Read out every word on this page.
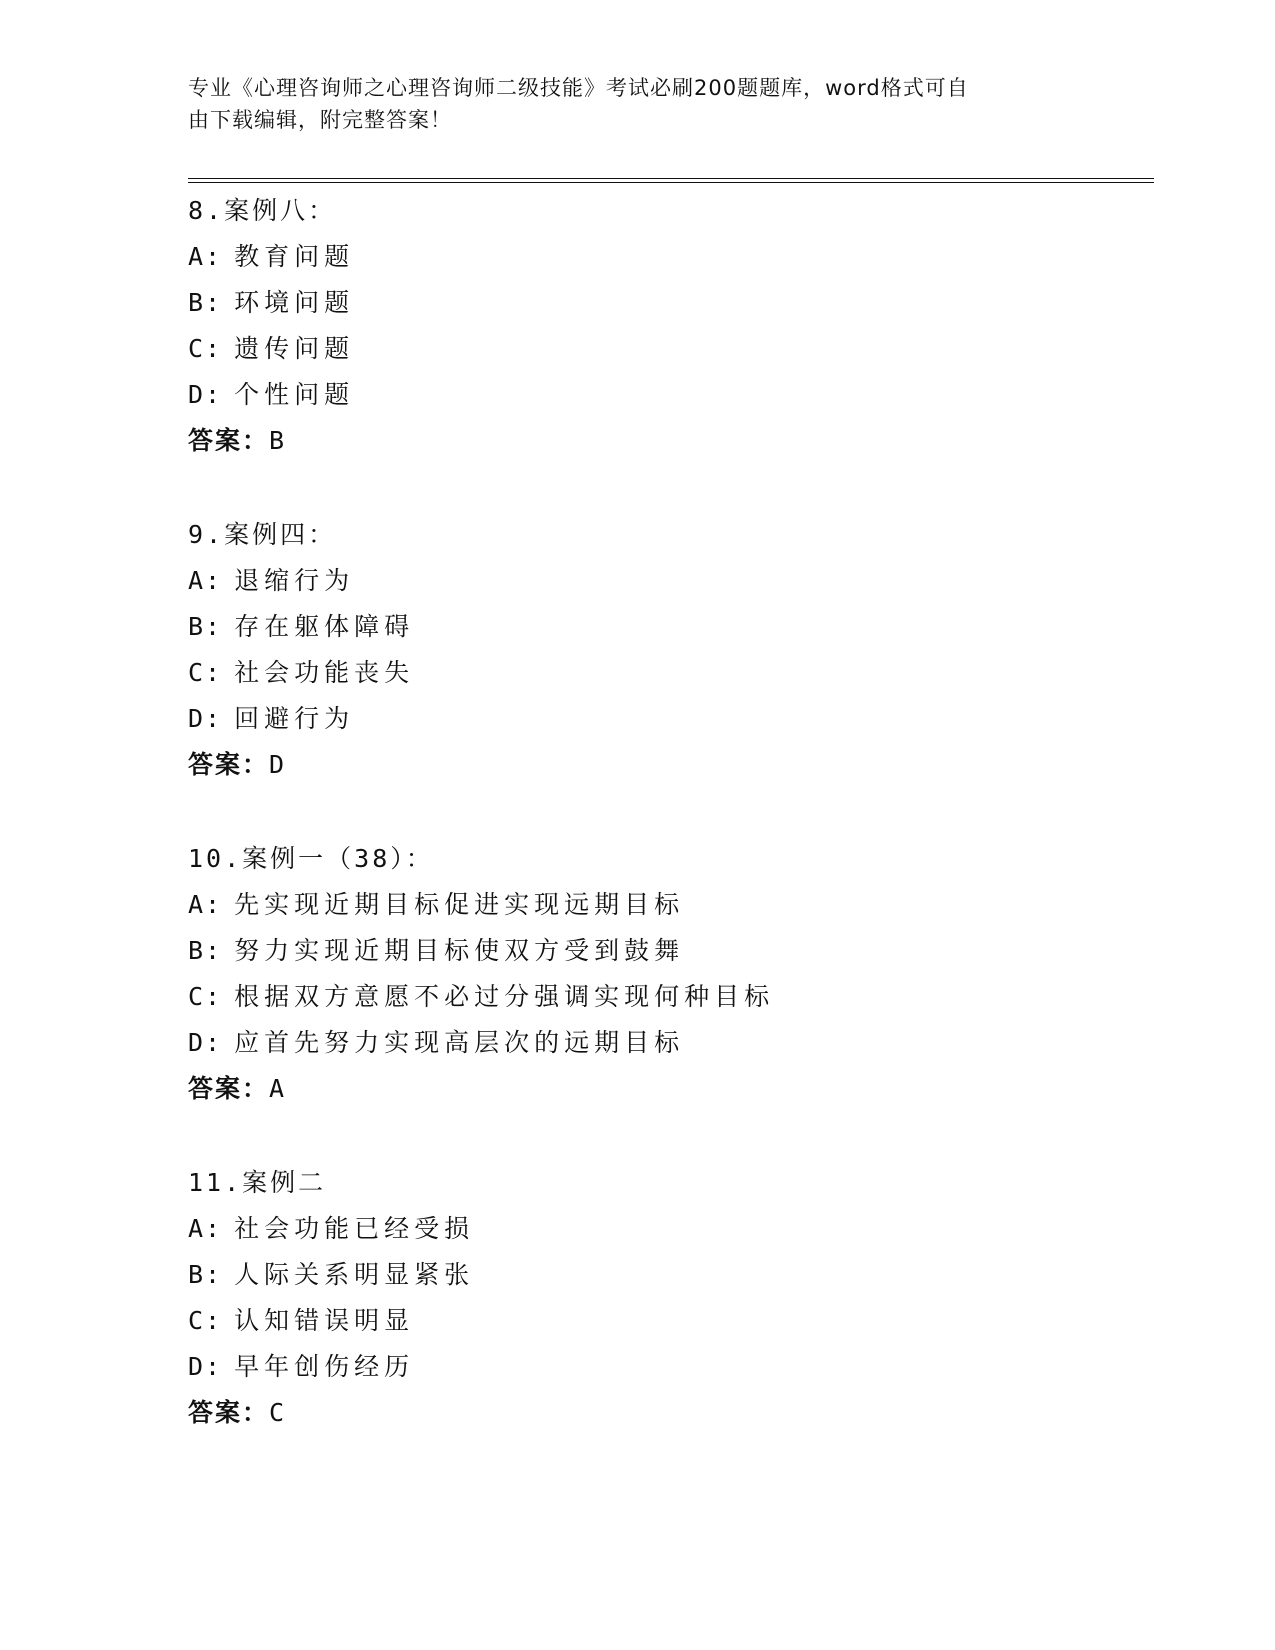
专业《心理咨询师之心理咨询师二级技能》考试必刷200题题库，word格式可自
由下载编辑，附完整答案！
8.案例八：
A: 教育问题
B: 环境问题
C: 遗传问题
D: 个性问题
答案：B
9.案例四：
A: 退缩行为
B: 存在躯体障碍
C: 社会功能丧失
D: 回避行为
答案：D
10.案例一（38）：
A: 先实现近期目标促进实现远期目标
B: 努力实现近期目标使双方受到鼓舞
C: 根据双方意愿不必过分强调实现何种目标
D: 应首先努力实现高层次的远期目标
答案：A
11.案例二
A: 社会功能已经受损
B: 人际关系明显紧张
C: 认知错误明显
D: 早年创伤经历
答案：C
